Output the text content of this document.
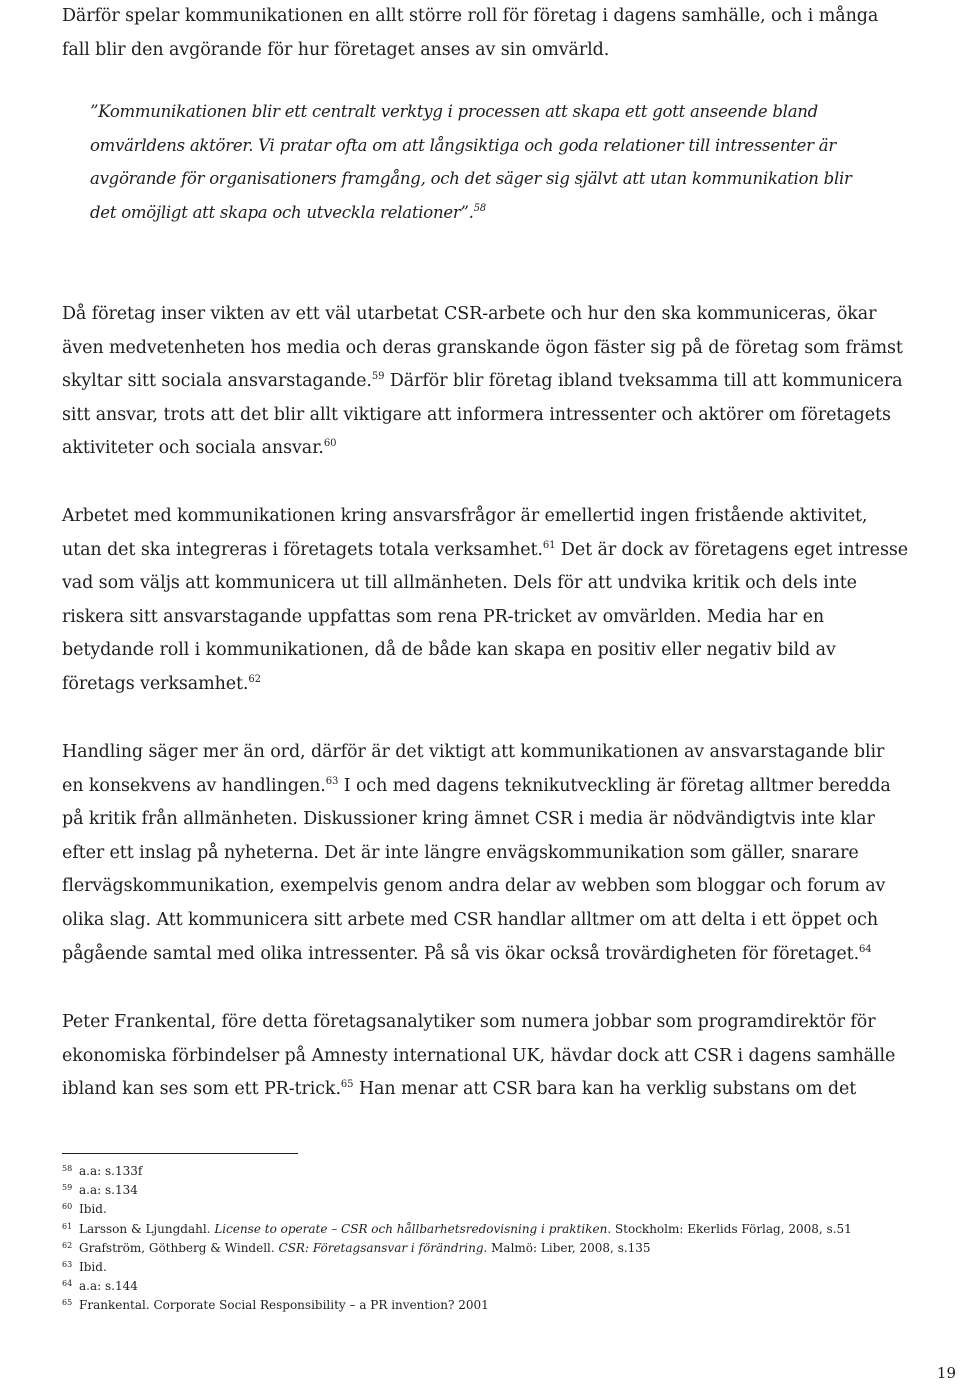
Därför spelar kommunikationen en allt större roll för företag i dagens samhälle, och i många
fall blir den avgörande för hur företaget anses av sin omvärld.

”Kommunikationen blir ett centralt verktyg i processen att skapa ett gott anseende bland
omvärldens aktörer. Vi pratar ofta om att långsiktiga och goda relationer till intressenter är
avgörande för organisationers framgång, och det säger sig självt att utan kommunikation blir
det omöjligt att skapa och utveckla relationer”.$^{58}$

Då företag inser vikten av ett väl utarbetat CSR-arbete och hur den ska kommuniceras, ökar
även medvetenheten hos media och deras granskande ögon fäster sig på de företag som främst
skyltar sitt sociala ansvarstagande.$^{59}$ Därför blir företag ibland tveksamma till att kommunicera
sitt ansvar, trots att det blir allt viktigare att informera intressenter och aktörer om företagets
aktiviteter och sociala ansvar.$^{60}$

Arbetet med kommunikationen kring ansvarsfrågor är emellertid ingen fristående aktivitet,
utan det ska integreras i företagets totala verksamhet.$^{61}$ Det är dock av företagens eget intresse
vad som väljs att kommunicera ut till allmänheten. Dels för att undvika kritik och dels inte
riskera sitt ansvarstagande uppfattas som rena PR-tricket av omvärlden. Media har en
betydande roll i kommunikationen, då de både kan skapa en positiv eller negativ bild av
företags verksamhet.$^{62}$

Handling säger mer än ord, därför är det viktigt att kommunikationen av ansvarstagande blir
en konsekvens av handlingen.$^{63}$ I och med dagens teknikutveckling är företag alltmer beredda
på kritik från allmänheten. Diskussioner kring ämnet CSR i media är nödvändigtvis inte klar
efter ett inslag på nyheterna. Det är inte längre envägskommunikation som gäller, snarare
flervägskommunikation, exempelvis genom andra delar av webben som bloggar och forum av
olika slag. Att kommunicera sitt arbete med CSR handlar alltmer om att delta i ett öppet och
pågående samtal med olika intressenter. På så vis ökar också trovärdigheten för företaget.$^{64}$

Peter Frankental, före detta företagsanalytiker som numera jobbar som programdirektör för
ekonomiska förbindelser på Amnesty international UK, hävdar dock att CSR i dagens samhälle
ibland kan ses som ett PR-trick.$^{65}$ Han menar att CSR bara kan ha verklig substans om det

58 a.a: s.133f
59 a.a: s.134
60 Ibid.
61 Larsson & Ljungdahl. License to operate – CSR och hållbarhetsredovisning i praktiken. Stockholm: Ekerlids Förlag, 2008, s.51
62 Grafström, Göthberg & Windell. CSR: Företagsansvar i förändring. Malmö: Liber, 2008, s.135
63 Ibid.
64 a.a: s.144
65 Frankental. Corporate Social Responsibility – a PR invention? 2001
19
